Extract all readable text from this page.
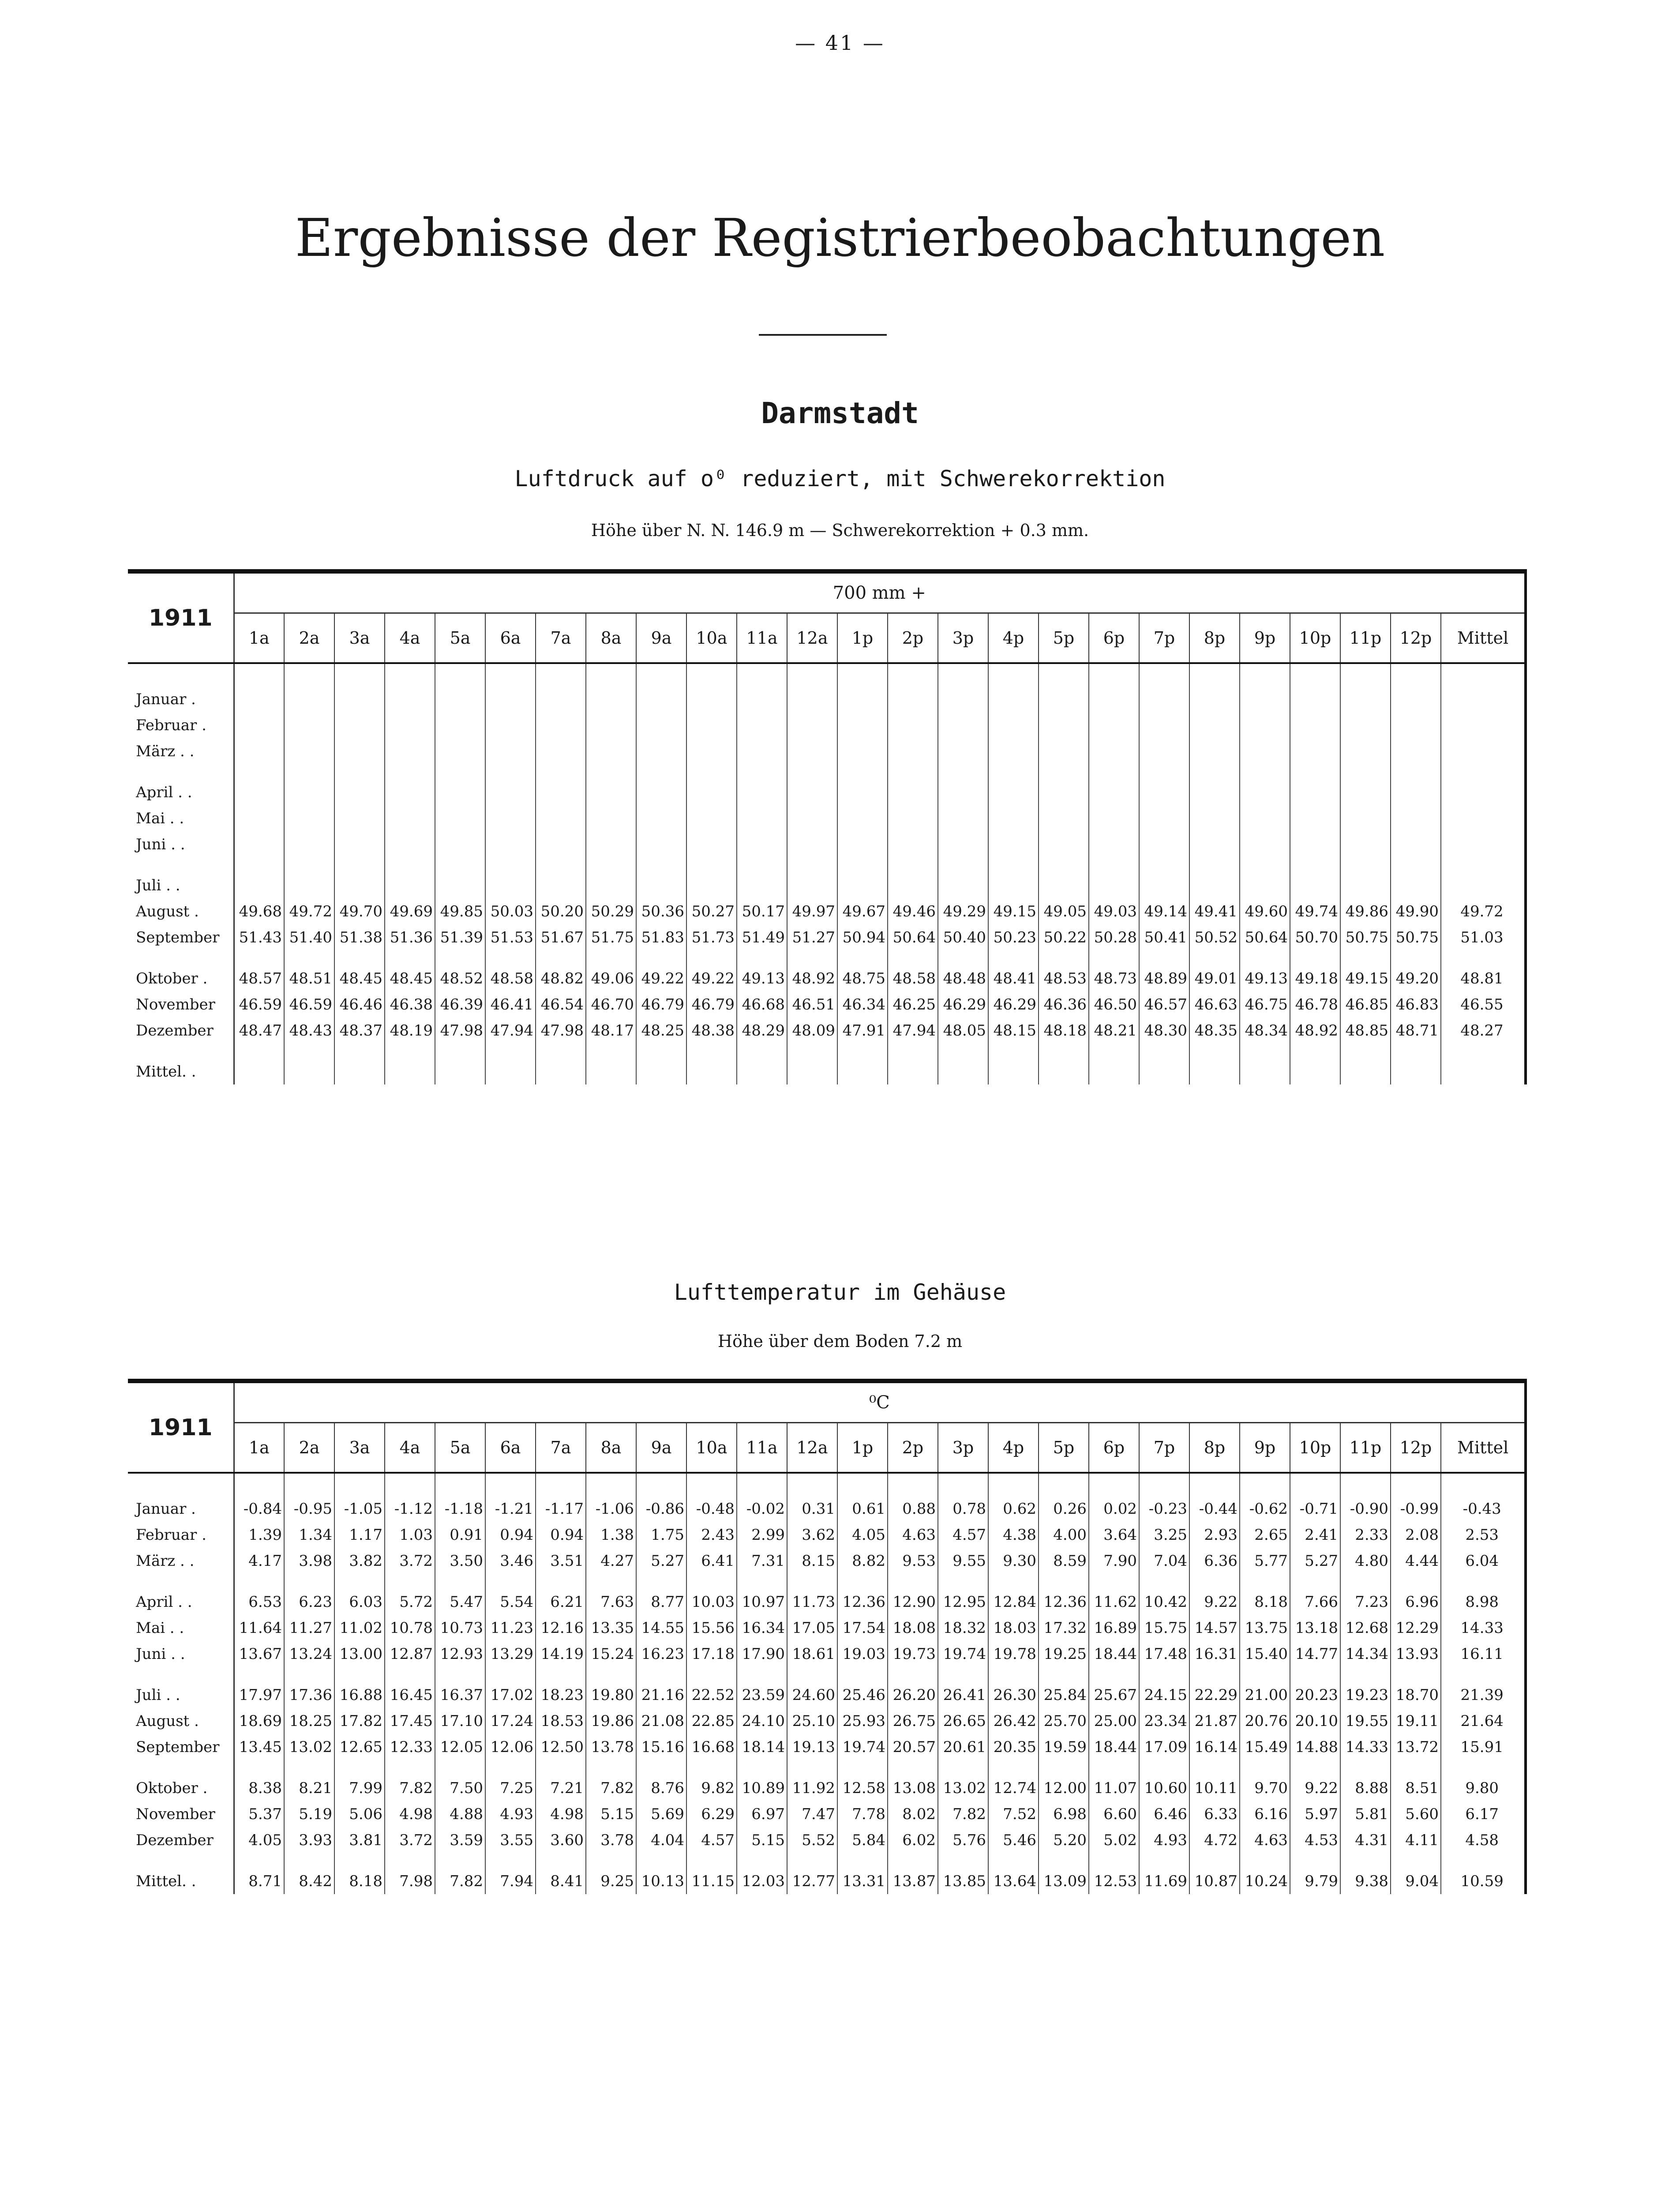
— 41 —
Ergebnisse der Registrierbeobachtungen
Darmstadt
Luftdruck auf o⁰ reduziert, mit Schwerekorrektion
Höhe über N. N. 146.9 m — Schwerekorrektion + 0.3 mm.
1911	700 mm +																								
	1a	2a	3a	4a	5a	6a	7a	8a	9a	10a	11a	12a	1p	2p	3p	4p	5p	6p	7p	8p	9p	10p	11p	12p	Mittel

Januar .																									
Februar .																									
März . .																									

April . .																									
Mai . .																									
Juni . .																									

Juli . .																									
August .	49.68	49.72	49.70	49.69	49.85	50.03	50.20	50.29	50.36	50.27	50.17	49.97	49.67	49.46	49.29	49.15	49.05	49.03	49.14	49.41	49.60	49.74	49.86	49.90	49.72
September	51.43	51.40	51.38	51.36	51.39	51.53	51.67	51.75	51.83	51.73	51.49	51.27	50.94	50.64	50.40	50.23	50.22	50.28	50.41	50.52	50.64	50.70	50.75	50.75	51.03

Oktober .	48.57	48.51	48.45	48.45	48.52	48.58	48.82	49.06	49.22	49.22	49.13	48.92	48.75	48.58	48.48	48.41	48.53	48.73	48.89	49.01	49.13	49.18	49.15	49.20	48.81
November	46.59	46.59	46.46	46.38	46.39	46.41	46.54	46.70	46.79	46.79	46.68	46.51	46.34	46.25	46.29	46.29	46.36	46.50	46.57	46.63	46.75	46.78	46.85	46.83	46.55
Dezember	48.47	48.43	48.37	48.19	47.98	47.94	47.98	48.17	48.25	48.38	48.29	48.09	47.91	47.94	48.05	48.15	48.18	48.21	48.30	48.35	48.34	48.92	48.85	48.71	48.27

Mittel. .																									
Lufttemperatur im Gehäuse
Höhe über dem Boden 7.2 m
1911	⁰C																								
	1a	2a	3a	4a	5a	6a	7a	8a	9a	10a	11a	12a	1p	2p	3p	4p	5p	6p	7p	8p	9p	10p	11p	12p	Mittel

Januar .	-0.84	-0.95	-1.05	-1.12	-1.18	-1.21	-1.17	-1.06	-0.86	-0.48	-0.02	0.31	0.61	0.88	0.78	0.62	0.26	0.02	-0.23	-0.44	-0.62	-0.71	-0.90	-0.99	-0.43
Februar .	1.39	1.34	1.17	1.03	0.91	0.94	0.94	1.38	1.75	2.43	2.99	3.62	4.05	4.63	4.57	4.38	4.00	3.64	3.25	2.93	2.65	2.41	2.33	2.08	2.53
März . .	4.17	3.98	3.82	3.72	3.50	3.46	3.51	4.27	5.27	6.41	7.31	8.15	8.82	9.53	9.55	9.30	8.59	7.90	7.04	6.36	5.77	5.27	4.80	4.44	6.04

April . .	6.53	6.23	6.03	5.72	5.47	5.54	6.21	7.63	8.77	10.03	10.97	11.73	12.36	12.90	12.95	12.84	12.36	11.62	10.42	9.22	8.18	7.66	7.23	6.96	8.98
Mai . .	11.64	11.27	11.02	10.78	10.73	11.23	12.16	13.35	14.55	15.56	16.34	17.05	17.54	18.08	18.32	18.03	17.32	16.89	15.75	14.57	13.75	13.18	12.68	12.29	14.33
Juni . .	13.67	13.24	13.00	12.87	12.93	13.29	14.19	15.24	16.23	17.18	17.90	18.61	19.03	19.73	19.74	19.78	19.25	18.44	17.48	16.31	15.40	14.77	14.34	13.93	16.11

Juli . .	17.97	17.36	16.88	16.45	16.37	17.02	18.23	19.80	21.16	22.52	23.59	24.60	25.46	26.20	26.41	26.30	25.84	25.67	24.15	22.29	21.00	20.23	19.23	18.70	21.39
August .	18.69	18.25	17.82	17.45	17.10	17.24	18.53	19.86	21.08	22.85	24.10	25.10	25.93	26.75	26.65	26.42	25.70	25.00	23.34	21.87	20.76	20.10	19.55	19.11	21.64
September	13.45	13.02	12.65	12.33	12.05	12.06	12.50	13.78	15.16	16.68	18.14	19.13	19.74	20.57	20.61	20.35	19.59	18.44	17.09	16.14	15.49	14.88	14.33	13.72	15.91

Oktober .	8.38	8.21	7.99	7.82	7.50	7.25	7.21	7.82	8.76	9.82	10.89	11.92	12.58	13.08	13.02	12.74	12.00	11.07	10.60	10.11	9.70	9.22	8.88	8.51	9.80
November	5.37	5.19	5.06	4.98	4.88	4.93	4.98	5.15	5.69	6.29	6.97	7.47	7.78	8.02	7.82	7.52	6.98	6.60	6.46	6.33	6.16	5.97	5.81	5.60	6.17
Dezember	4.05	3.93	3.81	3.72	3.59	3.55	3.60	3.78	4.04	4.57	5.15	5.52	5.84	6.02	5.76	5.46	5.20	5.02	4.93	4.72	4.63	4.53	4.31	4.11	4.58

Mittel. .	8.71	8.42	8.18	7.98	7.82	7.94	8.41	9.25	10.13	11.15	12.03	12.77	13.31	13.87	13.85	13.64	13.09	12.53	11.69	10.87	10.24	9.79	9.38	9.04	10.59
